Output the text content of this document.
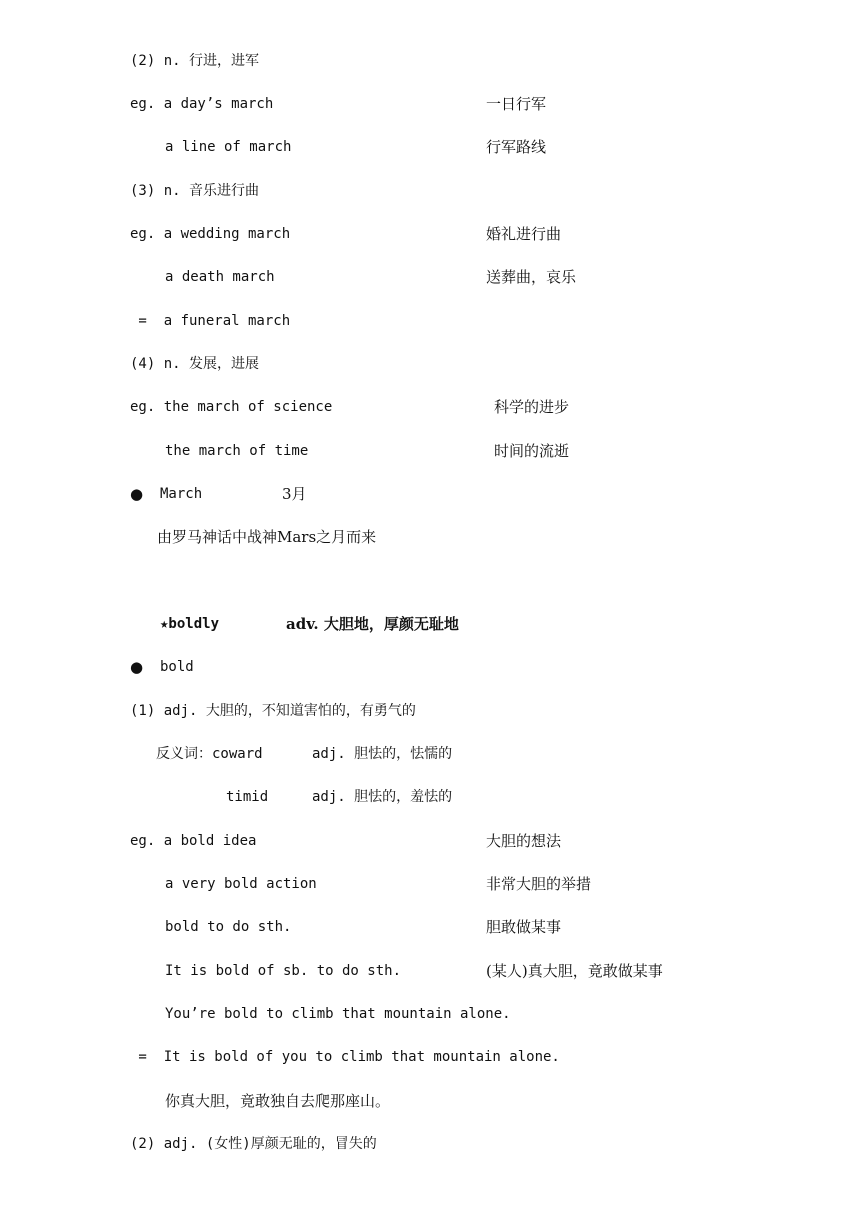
(2) n. 行进，进军
eg. a day’s march	一日行军
a line of march	行军路线
(3) n. 音乐进行曲
eg. a wedding march	婚礼进行曲
a death march	送葬曲，哀乐
=  a funeral march
(4) n. 发展，进展
eg. the march of science	科学的进步
the march of time	时间的流逝
● March	3月
由罗马神话中战神Mars之月而来
★boldly	adv. 大胆地，厚颜无耻地
● bold
(1) adj. 大胆的，不知道害怕的，有勇气的
反义词：coward	adj. 胆怯的，怯懦的
timid	adj. 胆怯的，羞怯的
eg. a bold idea	大胆的想法
a very bold action	非常大胆的举措
bold to do sth.	胆敢做某事
It is bold of sb. to do sth.	(某人)真大胆，竟敢做某事
You’re bold to climb that mountain alone.
=  It is bold of you to climb that mountain alone.
你真大胆，竟敢独自去爬那座山。
(2) adj. (女性)厚颜无耻的，冒失的
